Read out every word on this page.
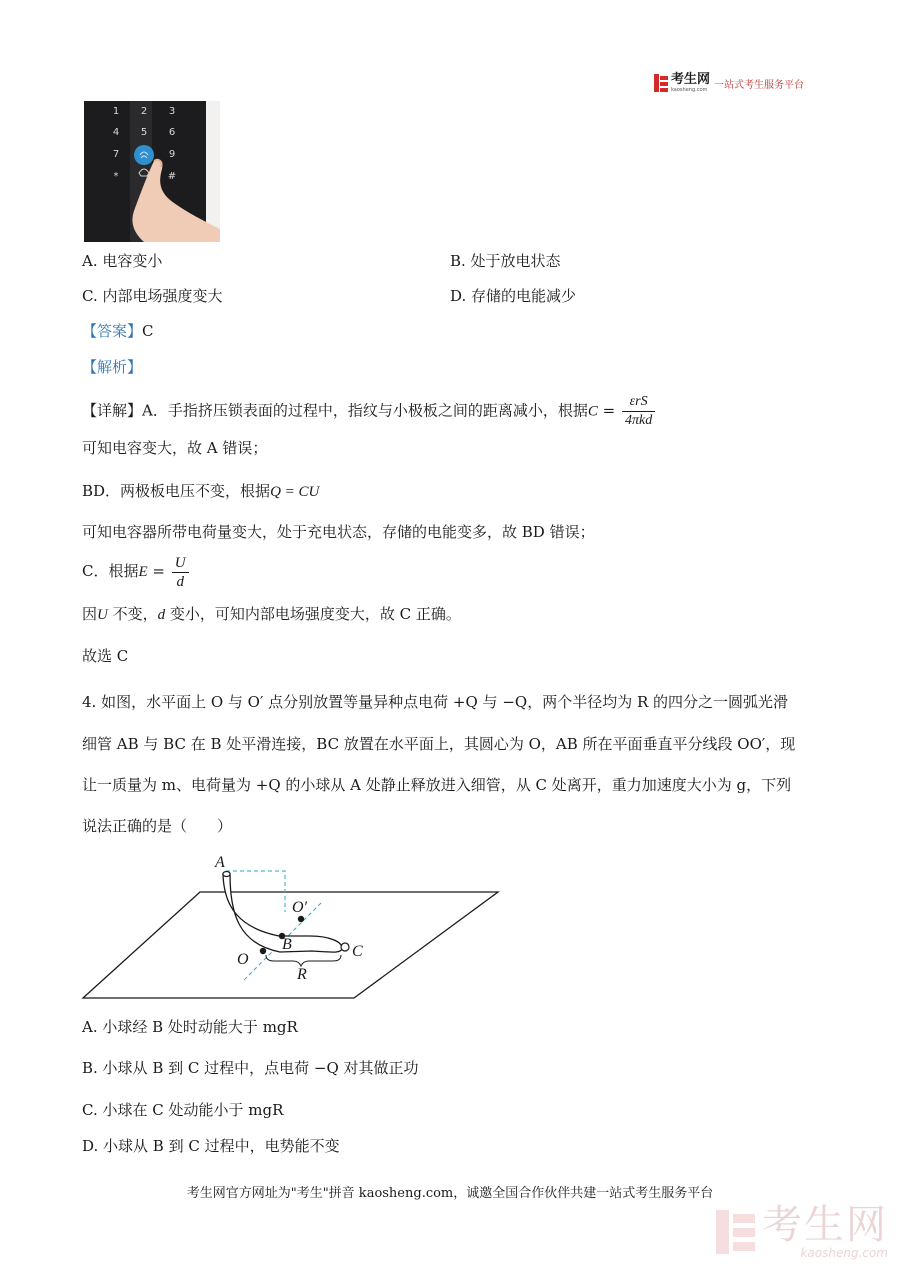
考生网
kaosheng.com 一站式考生服务平台
1 2 3
4 5 6
7	9
*	#
A. 电容变小	B. 处于放电状态
C. 内部电场强度变大	D. 存储的电能减少
【答案】C
【解析】
【详解】A．手指挤压锁表面的过程中，指纹与小极板之间的距离减小，根据$C = \frac{\text{εrS}}{\text{4πkd}}$
可知电容变大，故 A 错误；
BD．两极板电压不变，根据Q = CU
可知电容器所带电荷量变大，处于充电状态，存储的电能变多，故 BD 错误；
C．根据$E = \frac{U}{d}$
因U 不变，d 变小，可知内部电场强度变大，故 C 正确。
故选 C
4. 如图，水平面上 O 与 O′ 点分别放置等量异种点电荷 +Q 与 −Q，两个半径均为 R 的四分之一圆弧光滑
细管 AB 与 BC 在 B 处平滑连接，BC 放置在水平面上，其圆心为 O，AB 所在平面垂直平分线段 OO′，现
让一质量为 m、电荷量为 +Q 的小球从 A 处静止释放进入细管，从 C 处离开，重力加速度大小为 g，下列
说法正确的是（　　）
A
O′
B	C
O
R
A. 小球经 B 处时动能大于 mgR
B. 小球从 B 到 C 过程中，点电荷 −Q 对其做正功
C. 小球在 C 处动能小于 mgR
D. 小球从 B 到 C 过程中，电势能不变
考生网官方网址为"考生"拼音 kaosheng.com，诚邀全国合作伙伴共建一站式考生服务平台
考生网
kaosheng.com
